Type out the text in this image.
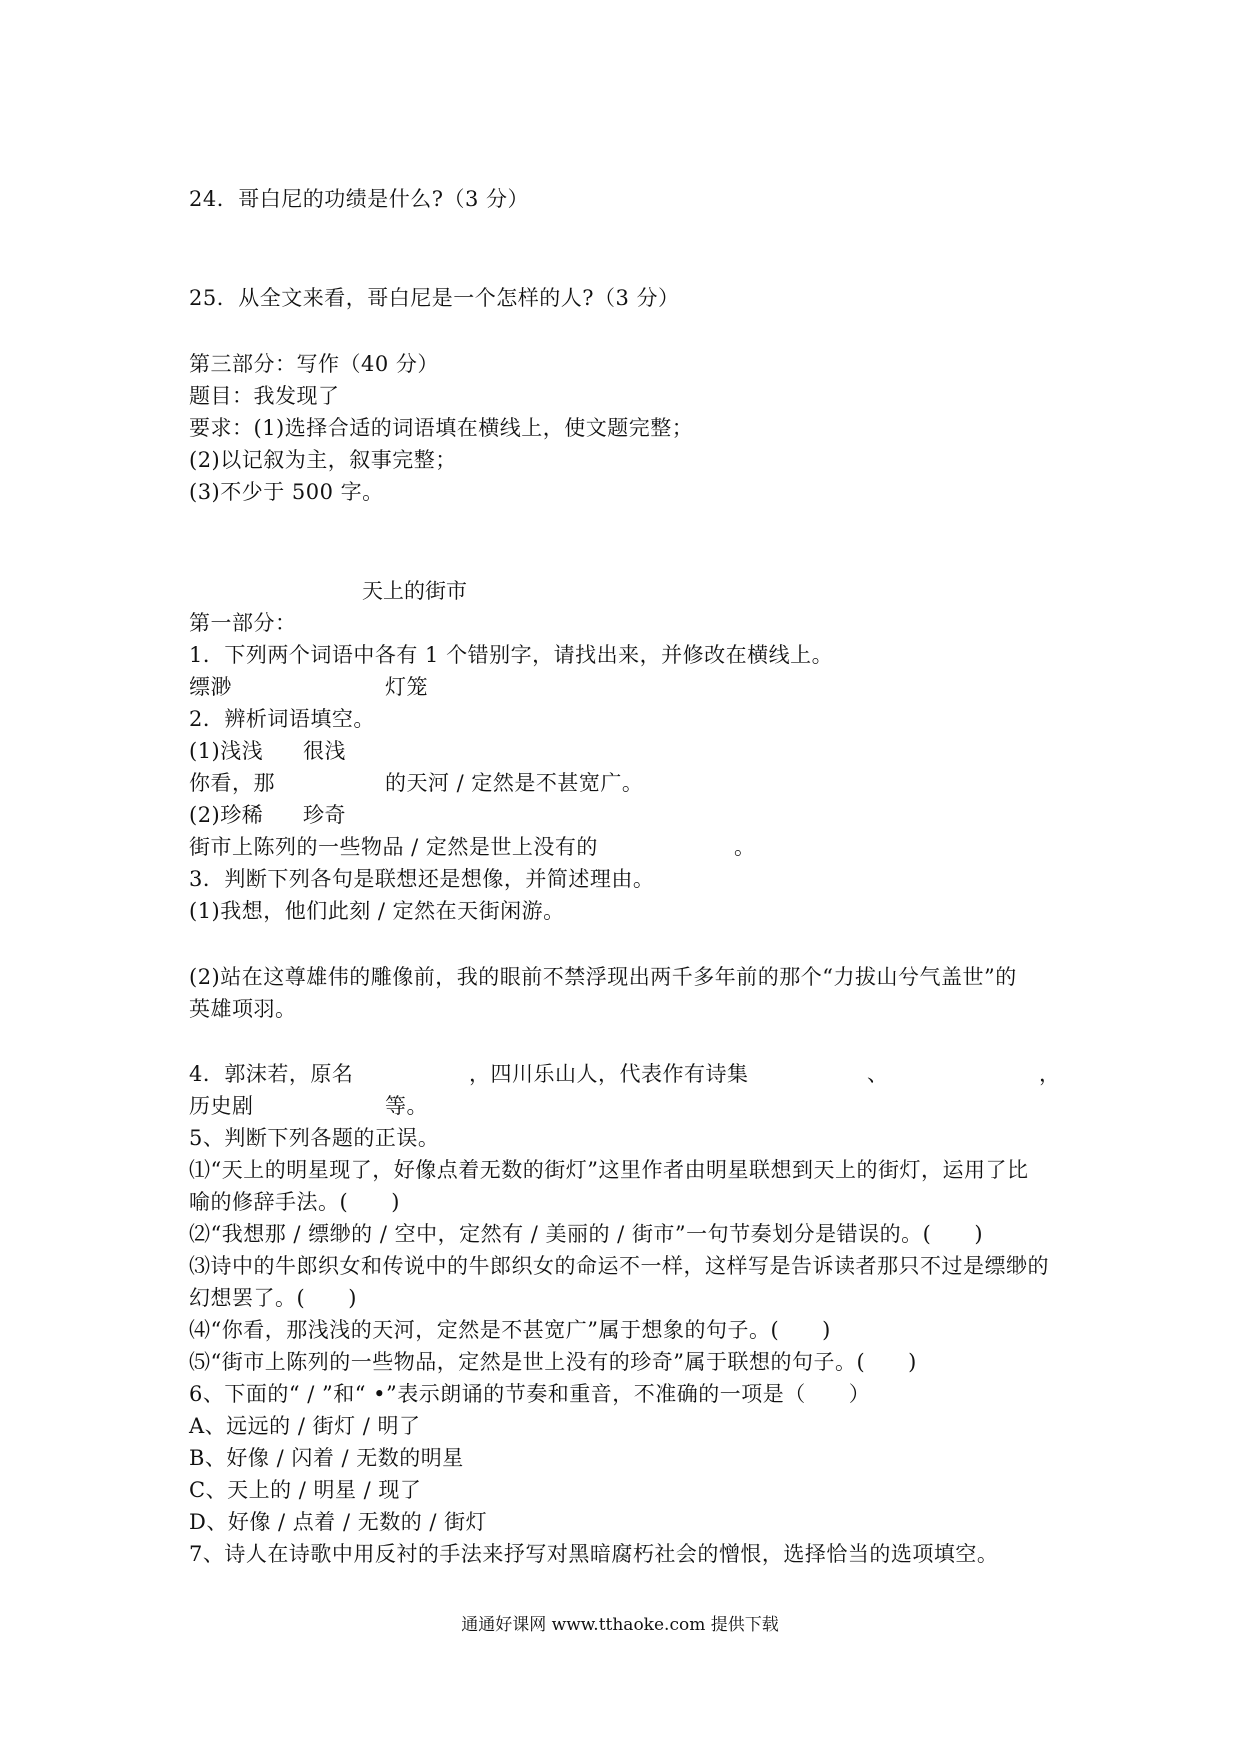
24．哥白尼的功绩是什么?（3 分）
25．从全文来看，哥白尼是一个怎样的人?（3 分）
第三部分：写作（40 分）
题目：我发现了
要求：(1)选择合适的词语填在横线上，使文题完整；
(2)以记叙为主，叙事完整；
(3)不少于 500 字。
天上的街市
第一部分：
1．下列两个词语中各有 1 个错别字，请找出来，并修改在横线上。
缥渺	灯笼
2．辨析词语填空。
(1)浅浅 很浅
你看，那	的天河 / 定然是不甚宽广。
(2)珍稀 珍奇
街市上陈列的一些物品 / 定然是世上没有的	。
3．判断下列各句是联想还是想像，并简述理由。
(1)我想，他们此刻 / 定然在天街闲游。
(2)站在这尊雄伟的雕像前，我的眼前不禁浮现出两千多年前的那个“力拔山兮气盖世”的
英雄项羽。
4．郭沫若，原名	，四川乐山人，代表作有诗集	、	，
历史剧	等。
5、判断下列各题的正误。
⑴“天上的明星现了，好像点着无数的街灯”这里作者由明星联想到天上的街灯，运用了比
喻的修辞手法。(　　)
⑵“我想那 / 缥缈的 / 空中，定然有 / 美丽的 / 街市”一句节奏划分是错误的。(　　)
⑶诗中的牛郎织女和传说中的牛郎织女的命运不一样，这样写是告诉读者那只不过是缥缈的
幻想罢了。(　　)
⑷“你看，那浅浅的天河，定然是不甚宽广”属于想象的句子。(　　)
⑸“街市上陈列的一些物品，定然是世上没有的珍奇”属于联想的句子。(　　)
6、下面的“ / ”和“ •”表示朗诵的节奏和重音，不准确的一项是（　　）
A、远远的 / 街灯 / 明了
B、好像 / 闪着 / 无数的明星
C、天上的 / 明星 / 现了
D、好像 / 点着 / 无数的 / 街灯
7、诗人在诗歌中用反衬的手法来抒写对黑暗腐朽社会的憎恨，选择恰当的选项填空。
通通好课网 www.tthaoke.com 提供下载
